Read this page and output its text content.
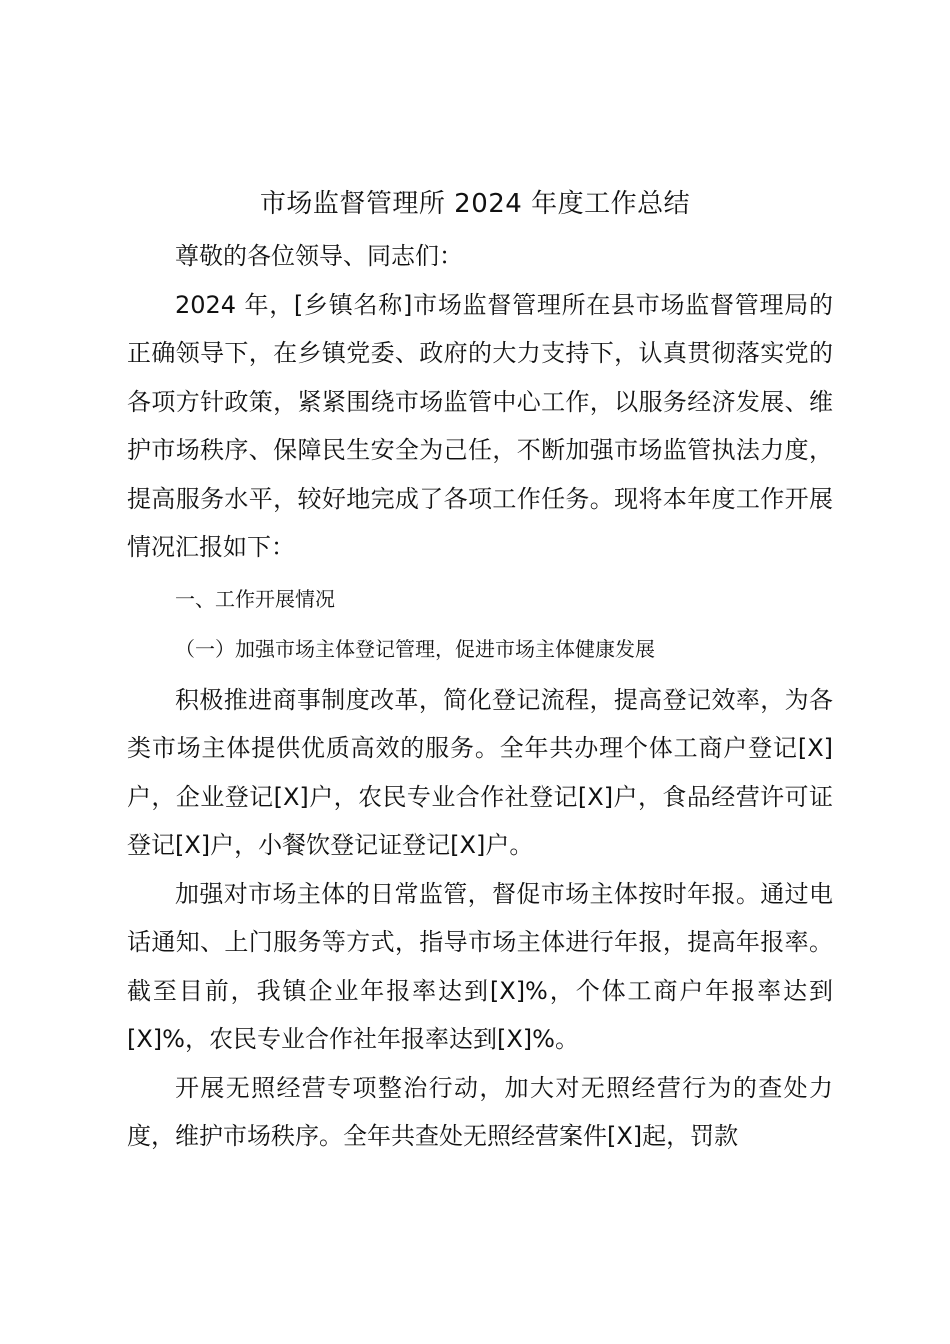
市场监督管理所 2024 年度工作总结

尊敬的各位领导、同志们：

2024 年，[乡镇名称]市场监督管理所在县市场监督管理局的正确领导下，在乡镇党委、政府的大力支持下，认真贯彻落实党的各项方针政策，紧紧围绕市场监管中心工作，以服务经济发展、维护市场秩序、保障民生安全为己任，不断加强市场监管执法力度，提高服务水平，较好地完成了各项工作任务。现将本年度工作开展情况汇报如下：

一、工作开展情况

（一）加强市场主体登记管理，促进市场主体健康发展

积极推进商事制度改革，简化登记流程，提高登记效率，为各类市场主体提供优质高效的服务。全年共办理个体工商户登记[X]户，企业登记[X]户，农民专业合作社登记[X]户，食品经营许可证登记[X]户，小餐饮登记证登记[X]户。

加强对市场主体的日常监管，督促市场主体按时年报。通过电话通知、上门服务等方式，指导市场主体进行年报，提高年报率。截至目前，我镇企业年报率达到[X]%，个体工商户年报率达到[X]%，农民专业合作社年报率达到[X]%。

开展无照经营专项整治行动，加大对无照经营行为的查处力度，维护市场秩序。全年共查处无照经营案件[X]起，罚款
